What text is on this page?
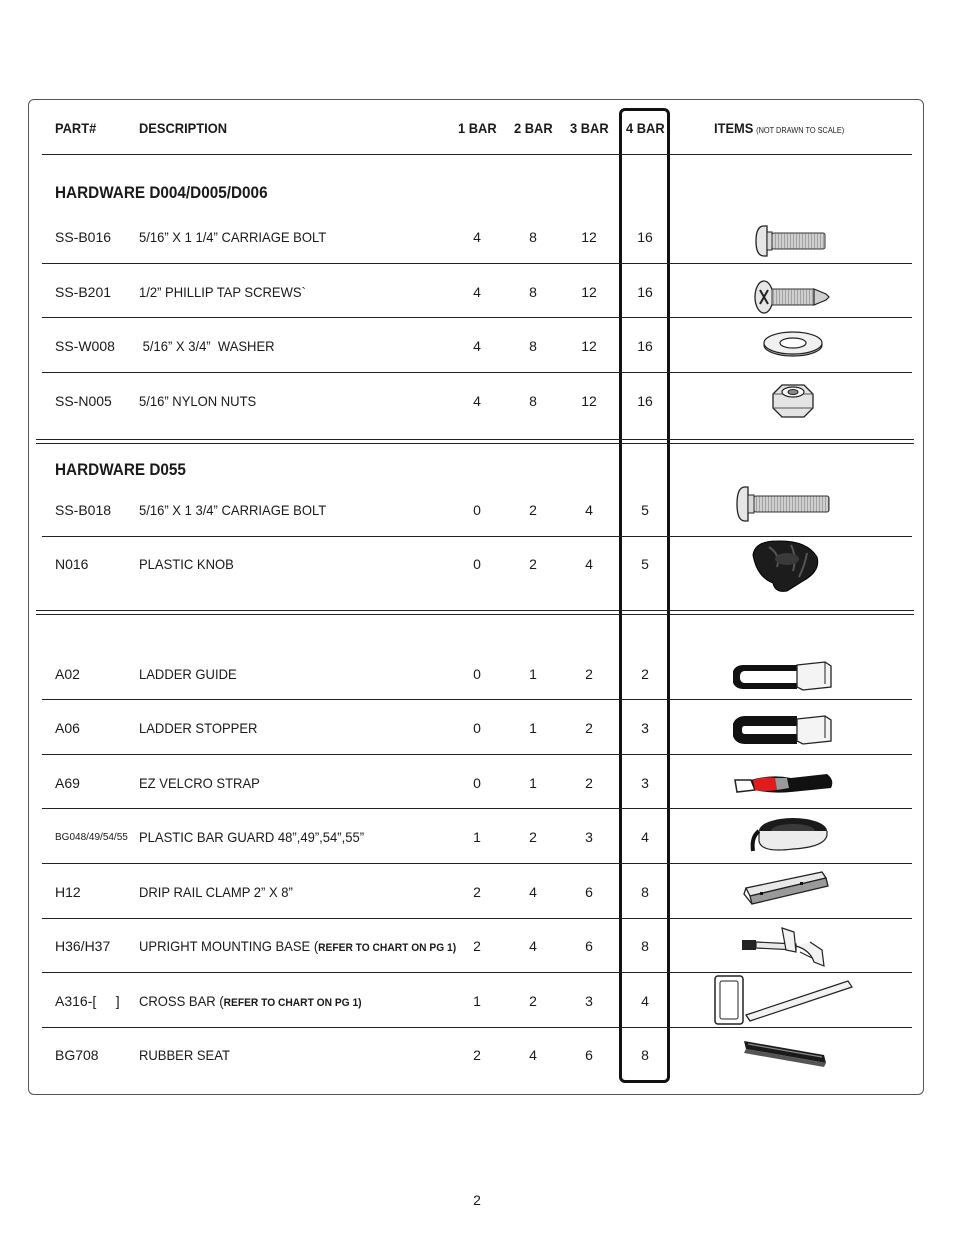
PART#	DESCRIPTION	1 BAR 2 BAR 3 BAR 4 BAR	ITEMS (NOT DRAWN TO SCALE)
HARDWARE D004/D005/D006
HARDWARE D055
SS-B016 5/16” X 1 1/4” CARRIAGE BOLT	4	8	12	16
SS-B201 1/2” PHILLIP TAP SCREWS`	4	8	12	16
SS-W008 5/16” X 3/4”  WASHER	4	8	12	16
SS-N005 5/16” NYLON NUTS	4	8	12	16
SS-B018 5/16” X 1 3/4” CARRIAGE BOLT	0	2	4	5
N016	PLASTIC KNOB	0	2	4	5
A02	LADDER GUIDE	0	1	2	2
A06	LADDER STOPPER	0	1	2	3
A69	EZ VELCRO STRAP	0	1	2	3
BG048/49/54/55 PLASTIC BAR GUARD 48”,49”,54”,55”	1	2	3	4
H12	DRIP RAIL CLAMP 2” X 8”	2	4	6	8
H36/H37 UPRIGHT MOUNTING BASE (REFER TO CHART ON PG 1)	2	4	6	8
A316-[     ] CROSS BAR (REFER TO CHART ON PG 1)	1	2	3	4
BG708	RUBBER SEAT	2	4	6	8
2
